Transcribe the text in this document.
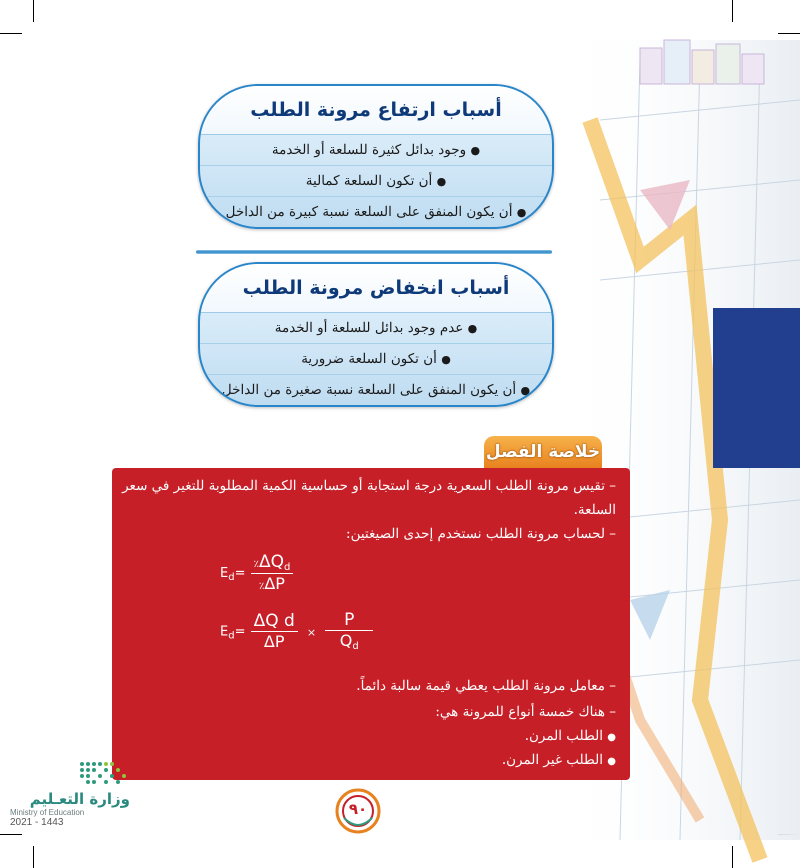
أسباب ارتفاع مرونة الطلب
● وجود بدائل كثيرة للسلعة أو الخدمة
● أن تكون السلعة كمالية
● أن يكون المنفق على السلعة نسبة كبيرة من الداخل
أسباب انخفاض مرونة الطلب
● عدم وجود بدائل للسلعة أو الخدمة
● أن تكون السلعة ضرورية
● أن يكون المنفق على السلعة نسبة صغيرة من الداخل
خلاصة الفصل
– تقيس مرونة الطلب السعرية درجة استجابة أو حساسية الكمية المطلوبة للتغير في سعر
السلعة.
– لحساب مرونة الطلب نستخدم إحدى الصيغتين:
$E_d= \frac{٪\Delta Q_d}{٪\Delta P}$
$E_d= \frac{\text{ΔQ d}}{\Delta P} \times \frac{P}{Q_d}$
– معامل مرونة الطلب يعطي قيمة سالبة دائماً.
– هناك خمسة أنواع للمرونة هي:
● الطلب المرن.
● الطلب غير المرن.
وزارة التعـليم
Ministry of Education
2021 - 1443
٩٠
